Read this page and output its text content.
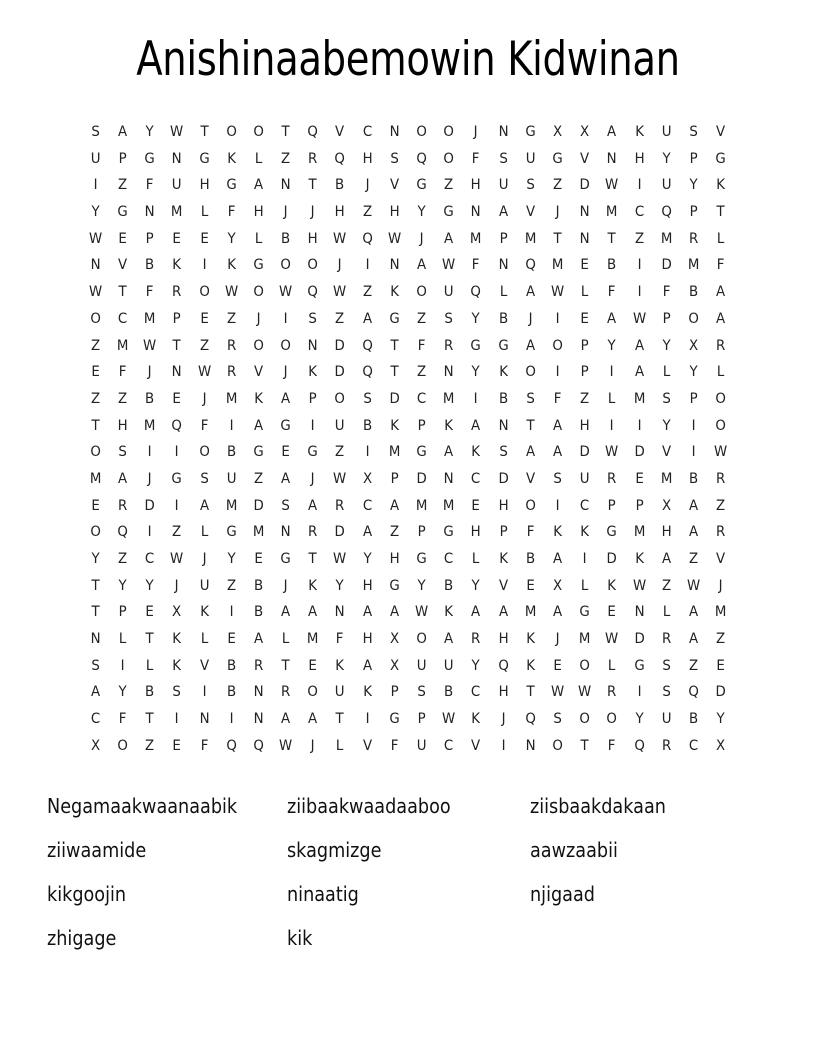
Anishinaabemowin Kidwinan
S	A	Y	W	T	O	O	T	Q	V	C	N	O	O	J	N	G	X	X	A	K	U	S	V
U	P	G	N	G	K	L	Z	R	Q	H	S	Q	O	F	S	U	G	V	N	H	Y	P	G
I	Z	F	U	H	G	A	N	T	B	J	V	G	Z	H	U	S	Z	D	W	I	U	Y	K
Y	G	N	M	L	F	H	J	J	H	Z	H	Y	G	N	A	V	J	N	M	C	Q	P	T
W	E	P	E	E	Y	L	B	H	W	Q	W	J	A	M	P	M	T	N	T	Z	M	R	L
N	V	B	K	I	K	G	O	O	J	I	N	A	W	F	N	Q	M	E	B	I	D	M	F
W	T	F	R	O	W	O	W	Q	W	Z	K	O	U	Q	L	A	W	L	F	I	F	B	A
O	C	M	P	E	Z	J	I	S	Z	A	G	Z	S	Y	B	J	I	E	A	W	P	O	A
Z	M	W	T	Z	R	O	O	N	D	Q	T	F	R	G	G	A	O	P	Y	A	Y	X	R
E	F	J	N	W	R	V	J	K	D	Q	T	Z	N	Y	K	O	I	P	I	A	L	Y	L
Z	Z	B	E	J	M	K	A	P	O	S	D	C	M	I	B	S	F	Z	L	M	S	P	O
T	H	M	Q	F	I	A	G	I	U	B	K	P	K	A	N	T	A	H	I	I	Y	I	O
O	S	I	I	O	B	G	E	G	Z	I	M	G	A	K	S	A	A	D	W	D	V	I	W
M	A	J	G	S	U	Z	A	J	W	X	P	D	N	C	D	V	S	U	R	E	M	B	R
E	R	D	I	A	M	D	S	A	R	C	A	M	M	E	H	O	I	C	P	P	X	A	Z
O	Q	I	Z	L	G	M	N	R	D	A	Z	P	G	H	P	F	K	K	G	M	H	A	R
Y	Z	C	W	J	Y	E	G	T	W	Y	H	G	C	L	K	B	A	I	D	K	A	Z	V
T	Y	Y	J	U	Z	B	J	K	Y	H	G	Y	B	Y	V	E	X	L	K	W	Z	W	J
T	P	E	X	K	I	B	A	A	N	A	A	W	K	A	A	M	A	G	E	N	L	A	M
N	L	T	K	L	E	A	L	M	F	H	X	O	A	R	H	K	J	M	W	D	R	A	Z
S	I	L	K	V	B	R	T	E	K	A	X	U	U	Y	Q	K	E	O	L	G	S	Z	E
A	Y	B	S	I	B	N	R	O	U	K	P	S	B	C	H	T	W W	R	I	S	Q	D
C	F	T	I	N	I	N	A	A	T	I	G	P	W	K	J	Q	S	O	O	Y	U	B	Y
X	O	Z	E	F	Q	Q	W	J	L	V	F	U	C	V	I	N	O	T	F	Q	R	C	X
Negamaakwaanaabik	ziibaakwaadaaboo	ziisbaakdakaan
ziiwaamide	skagmizge	aawzaabii
kikgoojin	ninaatig	njigaad
zhigage	kik
